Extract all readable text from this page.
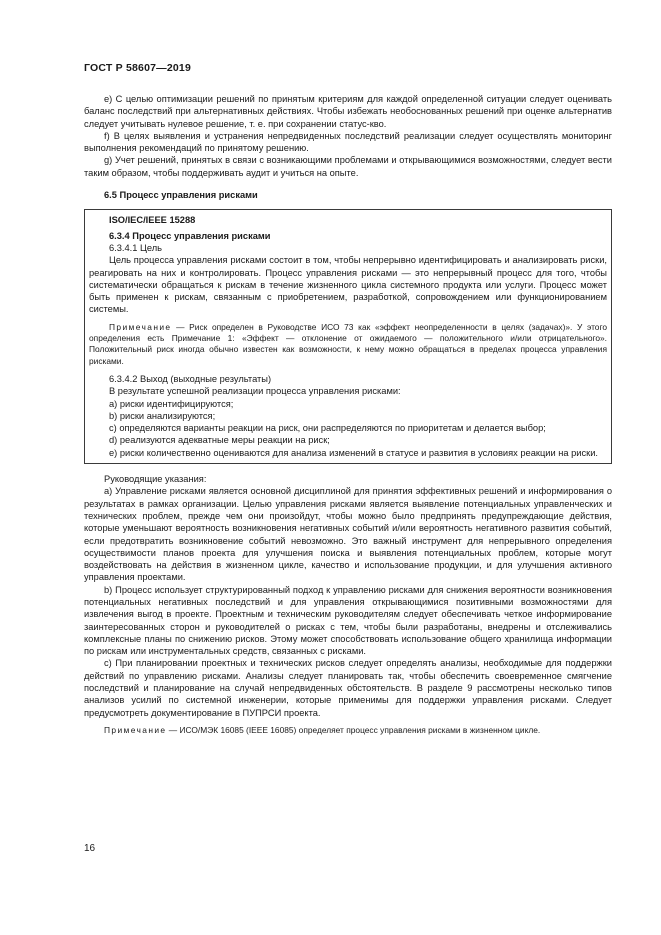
ГОСТ Р 58607—2019

e) С целью оптимизации решений по принятым критериям для каждой определенной ситуации следует оценивать баланс последствий при альтернативных действиях. Чтобы избежать необоснованных решений при оценке альтернатив следует учитывать нулевое решение, т. е. при сохранении статус-кво.

f) В целях выявления и устранения непредвиденных последствий реализации следует осуществлять мониторинг выполнения рекомендаций по принятому решению.

g) Учет решений, принятых в связи с возникающими проблемами и открывающимися возможностями, следует вести таким образом, чтобы поддерживать аудит и учиться на опыте.

6.5 Процесс управления рисками

ISO/IEC/IEEE 15288

6.3.4 Процесс управления рисками

6.3.4.1 Цель

Цель процесса управления рисками состоит в том, чтобы непрерывно идентифицировать и анализировать риски, реагировать на них и контролировать. Процесс управления рисками — это непрерывный процесс для того, чтобы систематически обращаться к рискам в течение жизненного цикла системного продукта или услуги. Процесс может быть применен к рискам, связанным с приобретением, разработкой, сопровождением или функционированием системы.

Примечание — Риск определен в Руководстве ИСО 73 как «эффект неопределенности в целях (задачах)». У этого определения есть Примечание 1: «Эффект — отклонение от ожидаемого — положительного и/или отрицательного». Положительный риск иногда обычно известен как возможности, к нему можно обращаться в пределах процесса управления рисками.

6.3.4.2 Выход (выходные результаты)

В результате успешной реализации процесса управления рисками:

a) риски идентифицируются;

b) риски анализируются;

c) определяются варианты реакции на риск, они распределяются по приоритетам и делается выбор;

d) реализуются адекватные меры реакции на риск;

e) риски количественно оцениваются для анализа изменений в статусе и развития в условиях реакции на риски.

Руководящие указания:

a) Управление рисками является основной дисциплиной для принятия эффективных решений и информирования о результатах в рамках организации. Целью управления рисками является выявление потенциальных управленческих и технических проблем, прежде чем они произойдут, чтобы можно было предпринять предупреждающие действия, которые уменьшают вероятность возникновения негативных событий и/или вероятность негативного развития событий, если предотвратить возникновение событий невозможно. Это важный инструмент для непрерывного определения осуществимости планов проекта для улучшения поиска и выявления потенциальных проблем, которые могут воздействовать на действия в жизненном цикле, качество и использование продукции, и для улучшения активного управления проектами.

b) Процесс использует структурированный подход к управлению рисками для снижения вероятности возникновения потенциальных негативных последствий и для управления открывающимися позитивными возможностями для извлечения выгод в проекте. Проектным и техническим руководителям следует обеспечивать четкое информирование заинтересованных сторон и руководителей о рисках с тем, чтобы были разработаны, внедрены и отслеживались комплексные планы по снижению рисков. Этому может способствовать использование общего хранилища информации по рискам или инструментальных средств, связанных с рисками.

c) При планировании проектных и технических рисков следует определять анализы, необходимые для поддержки действий по управлению рисками. Анализы следует планировать так, чтобы обеспечить своевременное смягчение последствий и планирование на случай непредвиденных обстоятельств. В разделе 9 рассмотрены несколько типов анализов усилий по системной инженерии, которые применимы для поддержки управления рисками. Следует предусмотреть документирование в ПУПРСИ проекта.

Примечание — ИСО/МЭК 16085 (IEEE 16085) определяет процесс управления рисками в жизненном цикле.

16
